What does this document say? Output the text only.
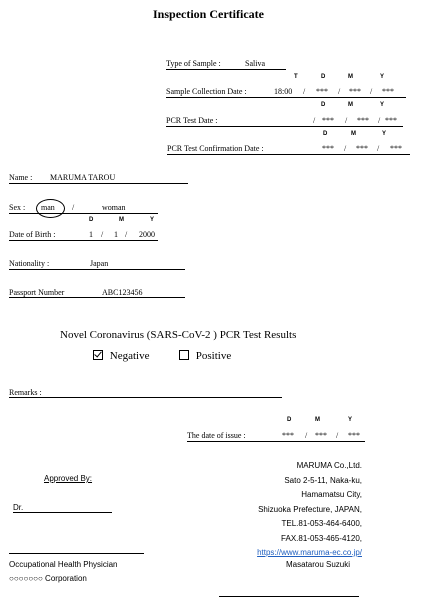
Inspection Certificate
Type of Sample :	Saliva
T	D	M	Y
Sample Collection Date :	18:00 / *** / *** / ***
D	M	Y
PCR Test Date :	/ *** / *** / ***
D	M	Y
PCR Test Confirmation Date :	*** / *** / ***
Name : MARUMA TAROU
Sex : man /	woman
D	M	Y
Date of Birth :	1 / 1 / 2000
Nationality :	Japan
Passport Number	ABC123456
Novel Coronavirus (SARS-CoV-2 ) PCR Test Results
Negative	Positive
Remarks :
D	M	Y
The date of issue :	*** / *** / ***
Approved By:
Dr.
Occupational Health Physician
○○○○○○○ Corporation
MARUMA Co.,Ltd.
Sato 2-5-11, Naka-ku,
Hamamatsu City,
Shizuoka Prefecture, JAPAN,
TEL.81-053-464-6400,
FAX.81-053-465-4120,
https://www.maruma-ec.co.jp/
Masatarou Suzuki
